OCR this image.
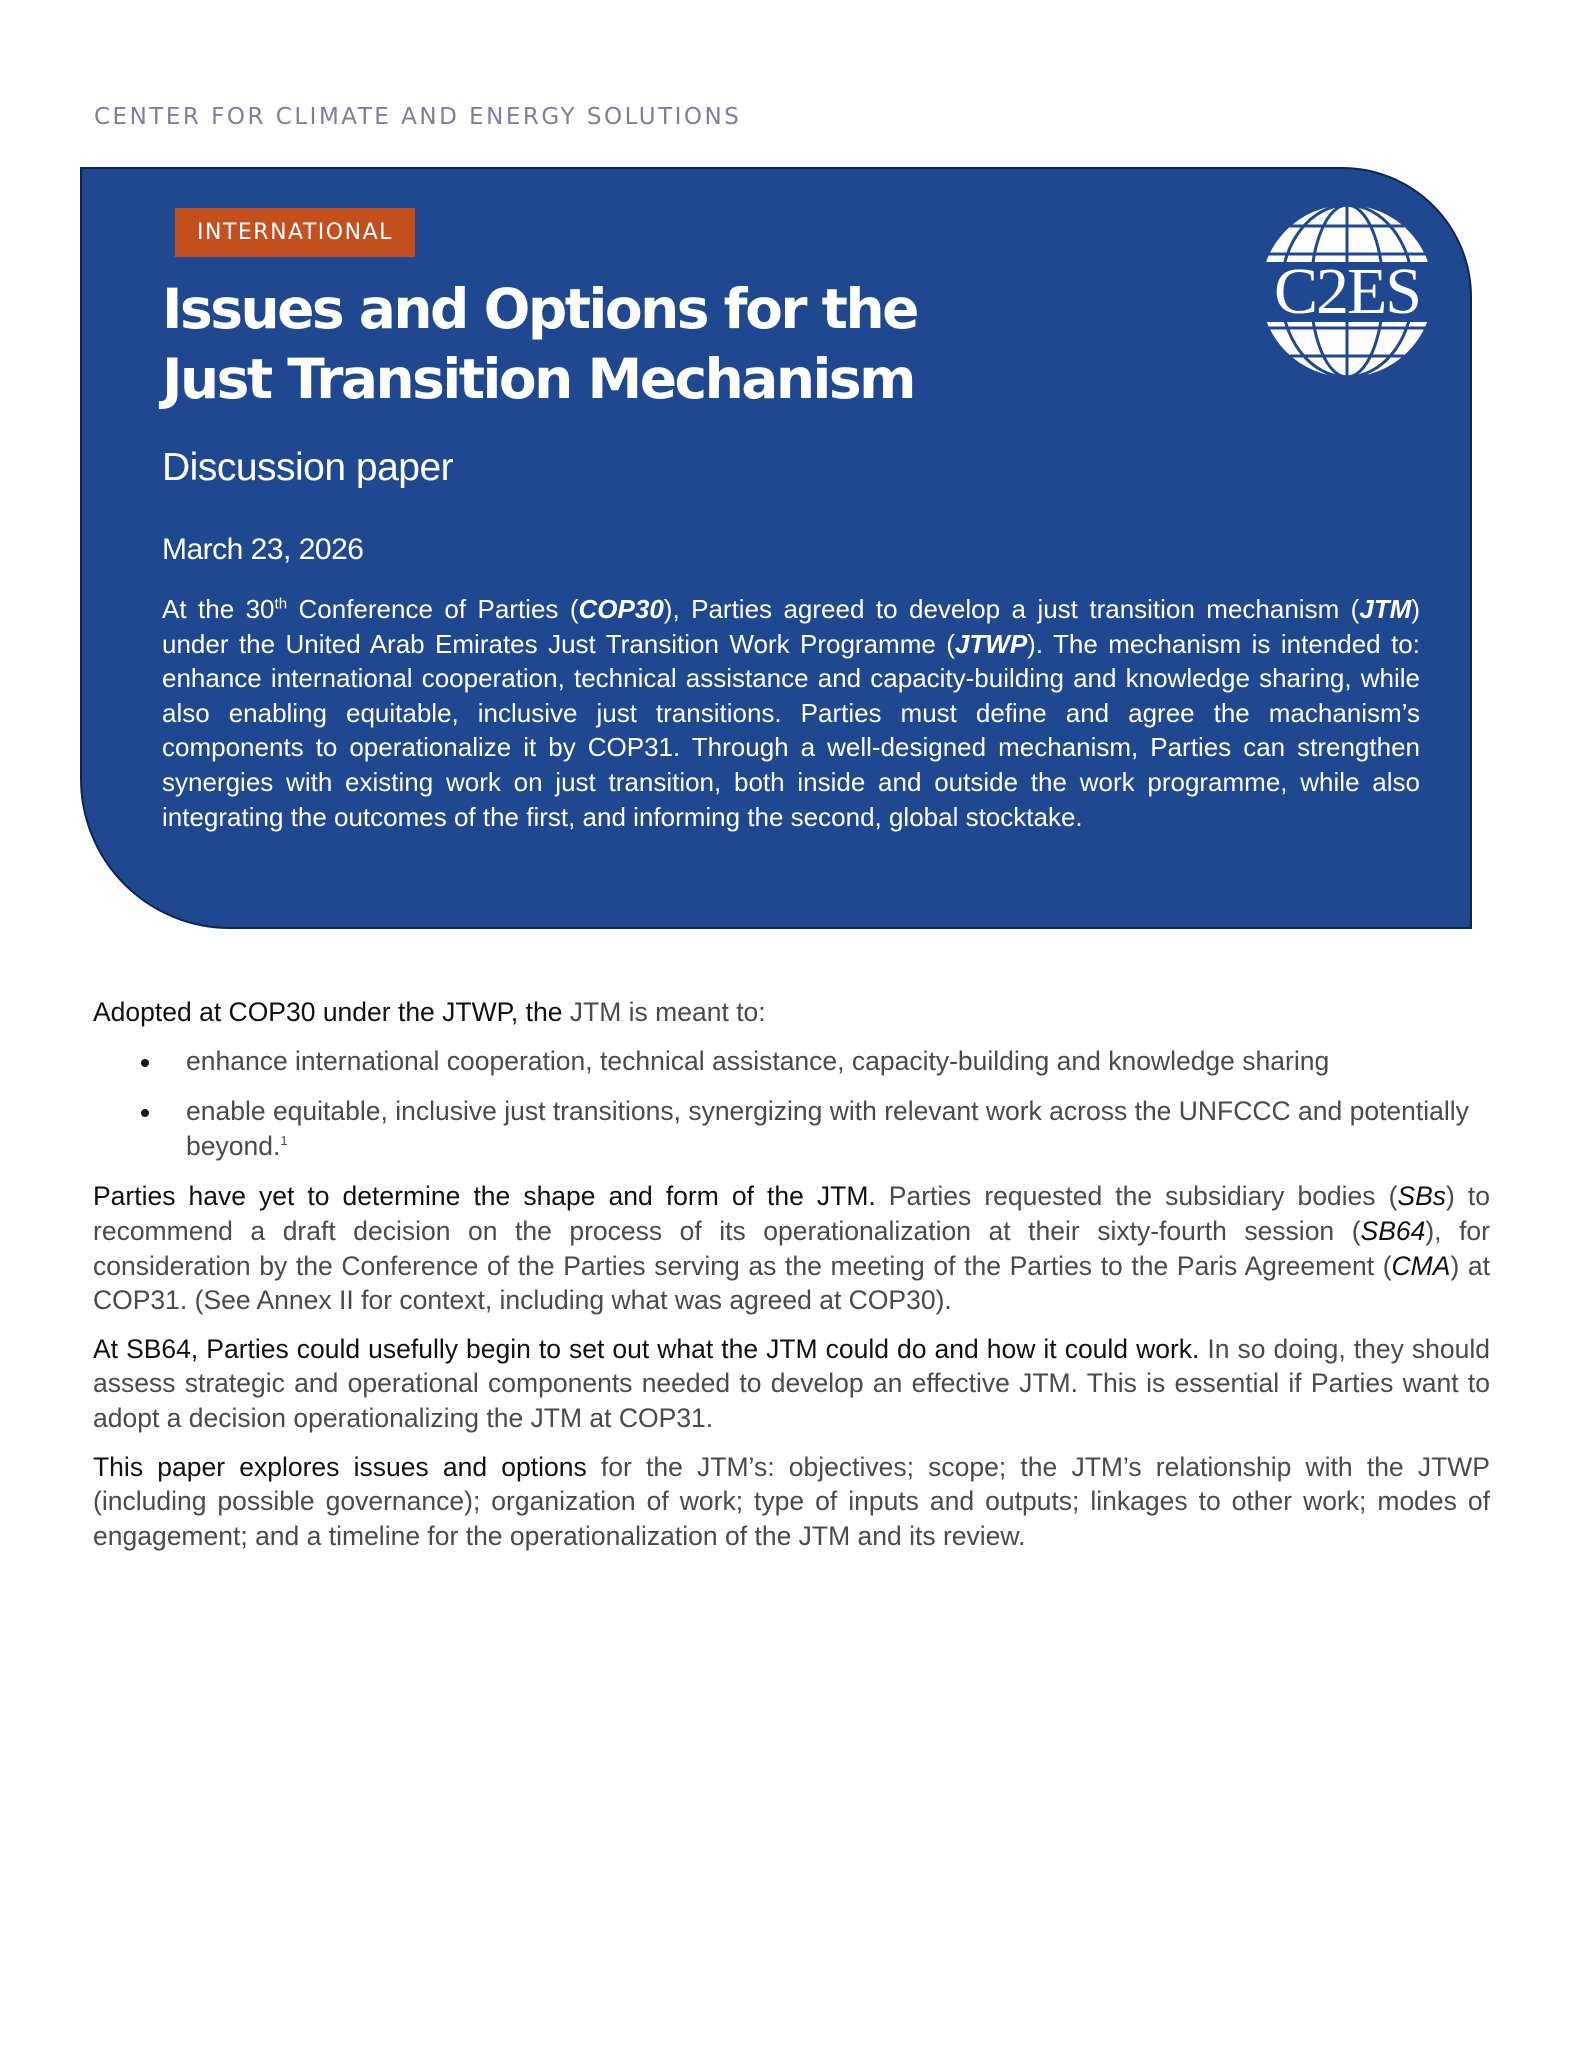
CENTER FOR CLIMATE AND ENERGY SOLUTIONS
INTERNATIONAL
C2ES
Issues and Options for the Just Transition Mechanism
Discussion paper
March 23, 2026
At the 30th Conference of Parties (COP30), Parties agreed to develop a just transition mechanism (JTM) under the United Arab Emirates Just Transition Work Programme (JTWP). The mechanism is intended to: enhance international cooperation, technical assistance and capacity-building and knowledge sharing, while also enabling equitable, inclusive just transitions. Parties must define and agree the machanism’s components to operationalize it by COP31. Through a well-designed mechanism, Parties can strengthen synergies with existing work on just transition, both inside and outside the work programme, while also integrating the outcomes of the first, and informing the second, global stocktake.
Adopted at COP30 under the JTWP, the JTM is meant to:
enhance international cooperation, technical assistance, capacity-building and knowledge sharing
enable equitable, inclusive just transitions, synergizing with relevant work across the UNFCCC and potentially beyond.$^1$

Parties have yet to determine the shape and form of the JTM. Parties requested the subsidiary bodies (SBs) to recommend a draft decision on the process of its operationalization at their sixty-fourth session (SB64), for consideration by the Conference of the Parties serving as the meeting of the Parties to the Paris Agreement (CMA) at COP31. (See Annex II for context, including what was agreed at COP30).

At SB64, Parties could usefully begin to set out what the JTM could do and how it could work. In so doing, they should assess strategic and operational components needed to develop an effective JTM. This is essential if Parties want to adopt a decision operationalizing the JTM at COP31.

This paper explores issues and options for the JTM’s: objectives; scope; the JTM’s relationship with the JTWP (including possible governance); organization of work; type of inputs and outputs; linkages to other work; modes of engagement; and a timeline for the operationalization of the JTM and its review.
